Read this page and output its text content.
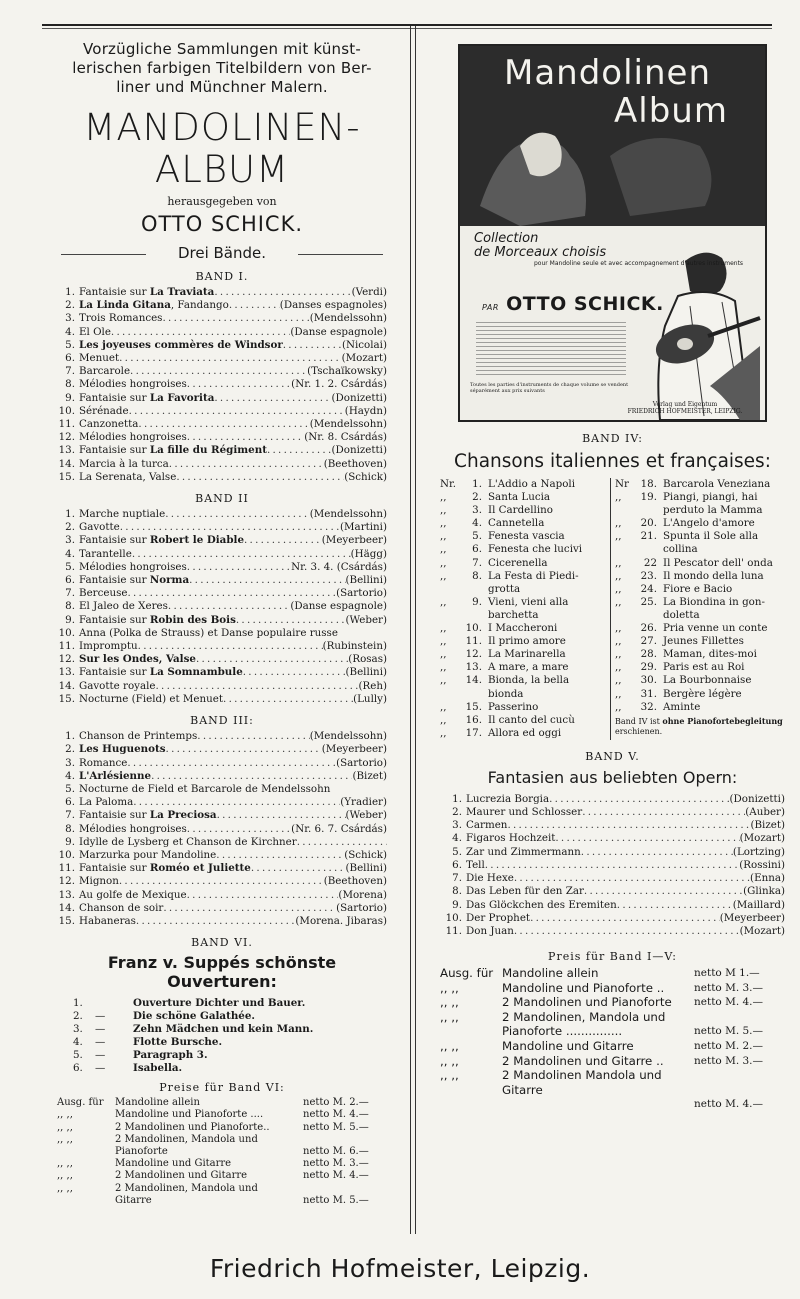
Vorzügliche Sammlungen mit künst-
lerischen farbigen Titelbildern von Ber-
liner und Münchner Malern.
MANDOLINEN-
ALBUM
herausgegeben von
OTTO SCHICK.
Drei Bände.
BAND I.
1. Fantaisie sur La Traviata . . .	(Verdi)
2. La Linda Gitana, Fandango . . .	(Danses espagnoles)
3. Trois Romances . . .	(Mendelssohn)
4. El Ole . . .	(Danse espagnole)
5. Les joyeuses commères de Windsor . . .	(Nicolai)
6. Menuet . . .	(Mozart)
7. Barcarole . . .	(Tschaïkowsky)
8. Mélodies hongroises . . .	(Nr. 1. 2. Csárdás)
9. Fantaisie sur La Favorita . . .	(Donizetti)
10. Sérénade . . .	(Haydn)
11. Canzonetta . . .	(Mendelssohn)
12. Mélodies hongroises . . .	(Nr. 8. Csárdás)
13. Fantaisie sur La fille du Régiment . . .	(Donizetti)
14. Marcia à la turca . . .	(Beethoven)
15. La Serenata, Valse . . .	(Schick)
BAND II
1. Marche nuptiale . . .	(Mendelssohn)
2. Gavotte . . .	(Martini)
3. Fantaisie sur Robert le Diable . . .	(Meyerbeer)
4. Tarantelle . . .	(Hägg)
5. Mélodies hongroises . . .	Nr. 3. 4. (Csárdás)
6. Fantaisie sur Norma . . .	(Bellini)
7. Berceuse . . .	(Sartorio)
8. El Jaleo de Xeres . . .	(Danse espagnole)
9. Fantaisie sur Robin des Bois . . .	(Weber)
10. Anna (Polka de Strauss) et Danse populaire russe
11. Impromptu . . .	(Rubinstein)
12. Sur les Ondes, Valse . . .	(Rosas)
13. Fantaisie sur La Somnambule . . .	(Bellini)
14. Gavotte royale . . .	(Reh)
15. Nocturne (Field) et Menuet . . .	(Lully)
BAND III:
1. Chanson de Printemps . . .	(Mendelssohn)
2. Les Huguenots . . .	(Meyerbeer)
3. Romance . . .	(Sartorio)
4. L'Arlésienne . . .	(Bizet)
5. Nocturne de Field et Barcarole de Mendelssohn
6. La Paloma . . .	(Yradier)
7. Fantaisie sur La Preciosa . . .	(Weber)
8. Mélodies hongroises . . .	(Nr. 6. 7. Csárdás)
9. Idylle de Lysberg et Chanson de Kirchner
. . .
10. Marzurka pour Mandoline . . .	(Schick)
11. Fantaisie sur Roméo et Juliette . . .	(Bellini)
12. Mignon . . .	(Beethoven)
13. Au golfe de Mexique . . .	(Morena)
14. Chanson de soir . . .	(Sartorio)
15. Habaneras . . .	(Morena. Jibaras)
BAND VI.
Franz v. Suppés schönste Ouverturen:
1.	Ouverture Dichter und Bauer.
2.	—	Die schöne Galathée.
3.	—	Zehn Mädchen und kein Mann.
4.	—	Flotte Bursche.
5.	—	Paragraph 3.
6.	—	Isabella.
Preise für Band VI:
Ausg. für	Mandoline allein	netto M. 2.—
,, ,,	Mandoline und Pianoforte ....	netto M. 4.—
,, ,,	2 Mandolinen und Pianoforte..	netto M. 5.—
,, ,,	2 Mandolinen, Mandola und
Pianoforte	netto M. 6.—
,, ,,	Mandoline und Gitarre	netto M. 3.—
,, ,,	2 Mandolinen und Gitarre	netto M. 4.—
,, ,,	2 Mandolinen, Mandola und
Gitarre	netto M. 5.—
Mandolinen
Album
Collection
de Morceaux choisis
pour Mandoline seule et avec accompagnement d'autres instruments
PAR OTTO SCHICK.
Toutes les parties d'instruments de chaque volume se vendent séparément aux prix suivants
Verlag und Eigentum
FRIEDRICH HOFMEISTER, LEIPZIG.
BAND IV:
Chansons italiennes et françaises:
Nr.	1. L'Addio a Napoli
,,	2. Santa Lucia
,,	3. Il Cardellino
,,	4. Cannetella
,,	5. Fenesta vascia
,,	6. Fenesta che lucivi
,,	7. Cicerenella
,,	8. La Festa di Piedi-
grotta
,,	9. Vieni, vieni alla
barchetta
,,	10. I Maccheroni
,,	11. Il primo amore
,,	12. La Marinarella
,,	13. A mare, a mare
,,	14. Bionda, la bella
bionda
,,	15. Passerino
,,	16. Il canto del cucù
,,	17. Allora ed oggi
Nr	18. Barcarola Veneziana
,,	19. Piangi, piangi, hai
perduto la Mamma
,,	20. L'Angelo d'amore
,,	21. Spunta il Sole alla
collina
,,	22 Il Pescator dell' onda
,,	23. Il mondo della luna
,,	24. Fiore e Bacio
,,	25. La Biondina in gon-
doletta
,,	26. Pria venne un conte
,,	27. Jeunes Fillettes
,,	28. Maman, dites-moi
,,	29. Paris est au Roi
,,	30. La Bourbonnaise
,,	31. Bergère légère
,,	32. Aminte
Band IV ist ohne Pianofortebegleitung erschienen.
BAND V.
Fantasien aus beliebten Opern:
1. Lucrezia Borgia . . .	(Donizetti)
2. Maurer und Schlosser . . .	(Auber)
3. Carmen . . .	(Bizet)
4. Figaros Hochzeit . . .	(Mozart)
5. Zar und Zimmermann . . .	(Lortzing)
6. Tell . . .	(Rossini)
7. Die Hexe . . .	(Enna)
8. Das Leben für den Zar . . .	(Glinka)
9. Das Glöckchen des Eremiten . . .	(Maillard)
10. Der Prophet . . .	(Meyerbeer)
11. Don Juan . . .	(Mozart)
Preis für Band I—V:
Ausg. für Mandoline allein	netto M 1.—
,, ,,	Mandoline und Pianoforte ..	netto M. 3.—
,, ,,	2 Mandolinen und Pianoforte	netto M. 4.—
,, ,,	2 Mandolinen, Mandola und
Pianoforte ...............	netto M. 5.—
,, ,,	Mandoline und Gitarre	netto M. 2.—
,, ,,	2 Mandolinen und Gitarre ..	netto M. 3.—
,, ,,	2 Mandolinen Mandola und Gitarre
netto M. 4.—
Friedrich Hofmeister, Leipzig.
